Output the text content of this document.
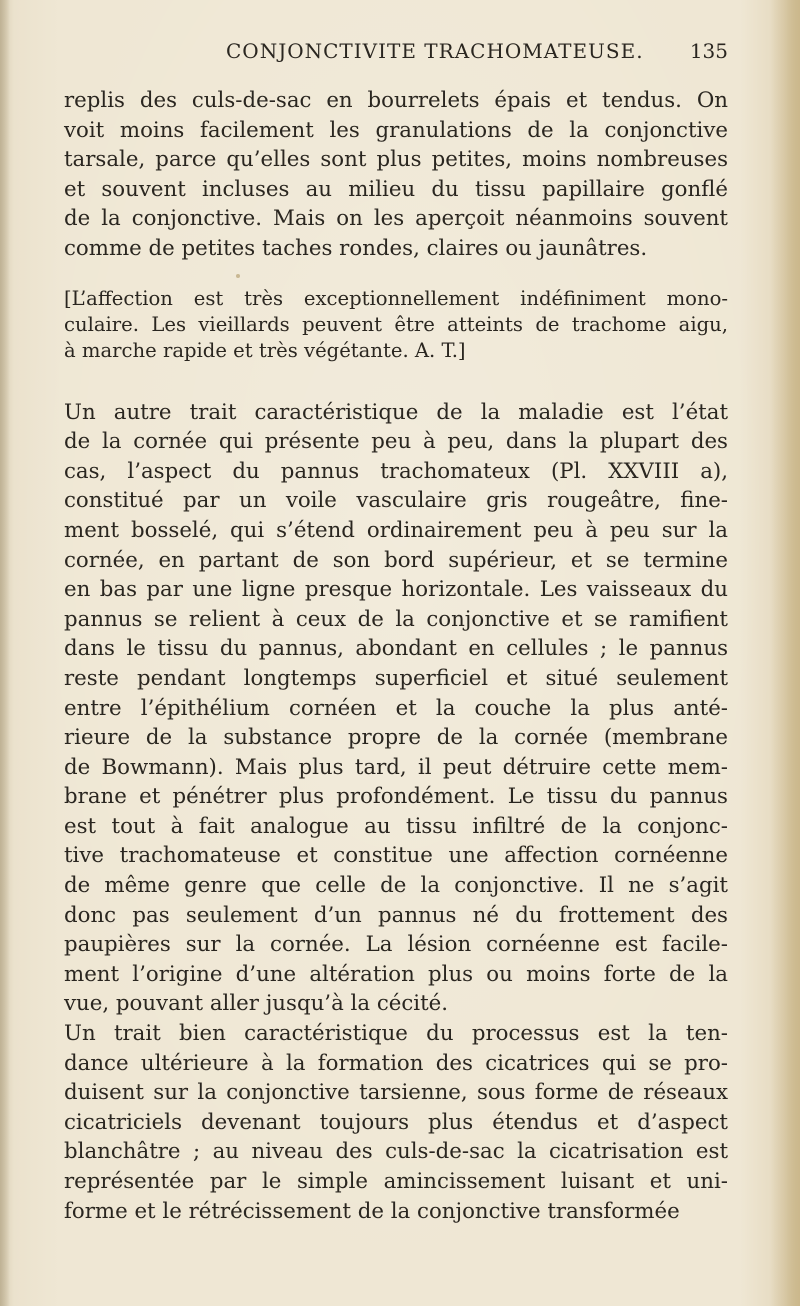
CONJONCTIVITE TRACHOMATEUSE. 135
replis des culs-de-sac en bourrelets épais et tendus. On
voit moins facilement les granulations de la conjonctive
tarsale, parce qu’elles sont plus petites, moins nombreuses
et souvent incluses au milieu du tissu papillaire gonflé
de la conjonctive. Mais on les aperçoit néanmoins souvent
comme de petites taches rondes, claires ou jaunâtres.
[L’affection est très exceptionnellement indéfiniment mono-
culaire. Les vieillards peuvent être atteints de trachome aigu,
à marche rapide et très végétante. A. T.]
Un autre trait caractéristique de la maladie est l’état
de la cornée qui présente peu à peu, dans la plupart des
cas, l’aspect du pannus trachomateux (Pl. XXVIII a),
constitué par un voile vasculaire gris rougeâtre, fine-
ment bosselé, qui s’étend ordinairement peu à peu sur la
cornée, en partant de son bord supérieur, et se termine
en bas par une ligne presque horizontale. Les vaisseaux du
pannus se relient à ceux de la conjonctive et se ramifient
dans le tissu du pannus, abondant en cellules ; le pannus
reste pendant longtemps superficiel et situé seulement
entre l’épithélium cornéen et la couche la plus anté-
rieure de la substance propre de la cornée (membrane
de Bowmann). Mais plus tard, il peut détruire cette mem-
brane et pénétrer plus profondément. Le tissu du pannus
est tout à fait analogue au tissu infiltré de la conjonc-
tive trachomateuse et constitue une affection cornéenne
de même genre que celle de la conjonctive. Il ne s’agit
donc pas seulement d’un pannus né du frottement des
paupières sur la cornée. La lésion cornéenne est facile-
ment l’origine d’une altération plus ou moins forte de la
vue, pouvant aller jusqu’à la cécité.
Un trait bien caractéristique du processus est la ten-
dance ultérieure à la formation des cicatrices qui se pro-
duisent sur la conjonctive tarsienne, sous forme de réseaux
cicatriciels devenant toujours plus étendus et d’aspect
blanchâtre ; au niveau des culs-de-sac la cicatrisation est
représentée par le simple amincissement luisant et uni-
forme et le rétrécissement de la conjonctive transformée
